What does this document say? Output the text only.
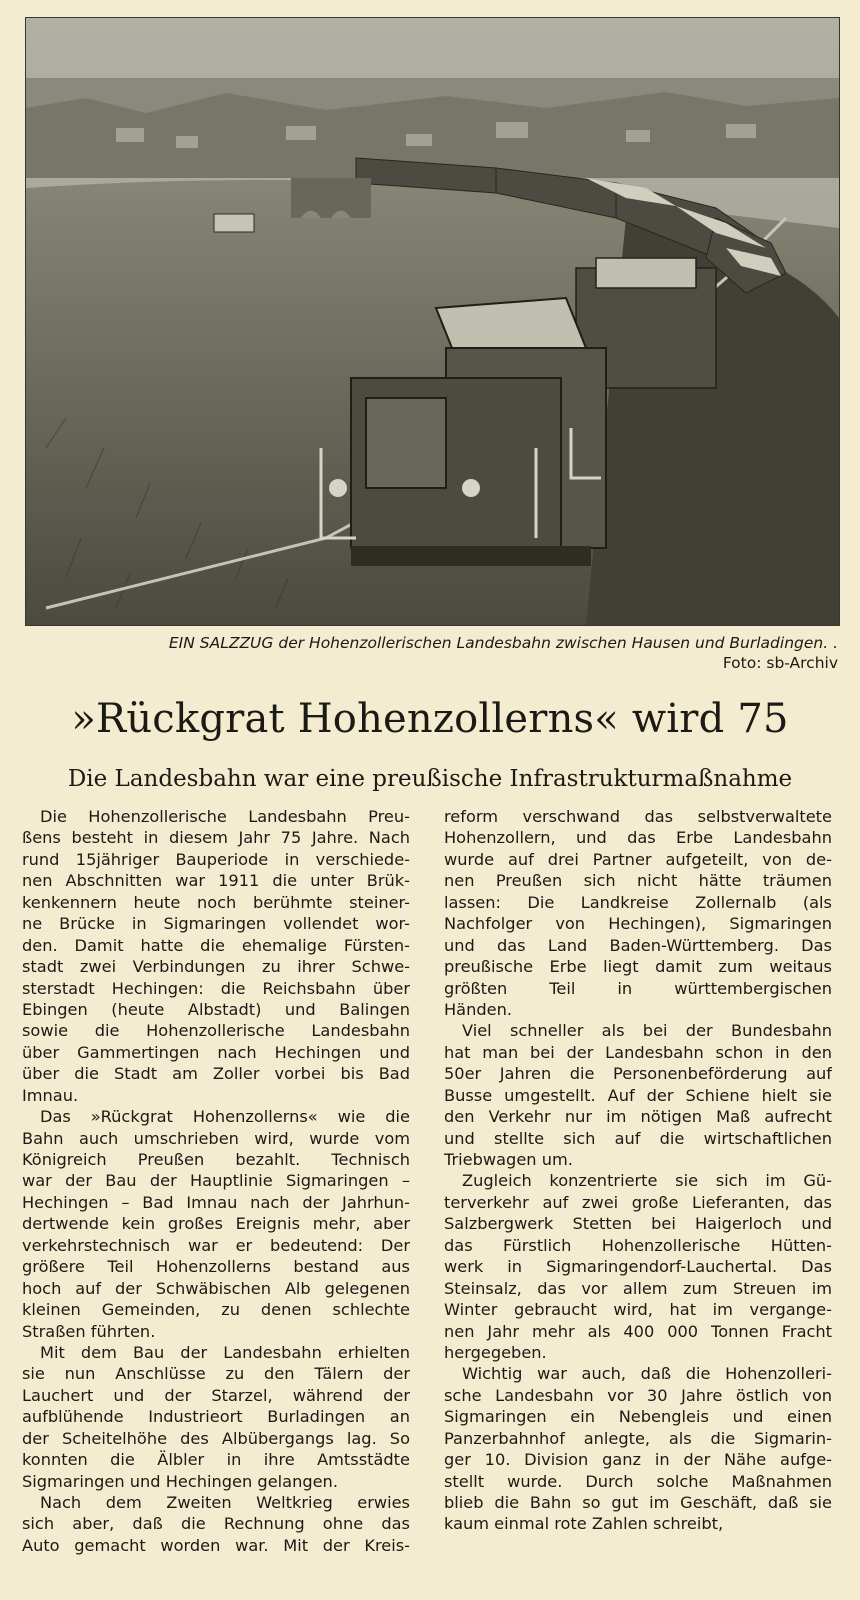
EIN SALZZUG der Hohenzollerischen Landesbahn zwischen Hausen und Burladingen. .
Foto: sb-Archiv
»Rückgrat Hohenzollerns« wird 75
Die Landesbahn war eine preußische Infrastrukturmaßnahme
Die Hohenzollerische Landesbahn Preu-
ßens besteht in diesem Jahr 75 Jahre. Nach
rund 15jähriger Bauperiode in verschiede-
nen Abschnitten war 1911 die unter Brük-
kenkennern heute noch berühmte steiner-
ne Brücke in Sigmaringen vollendet wor-
den. Damit hatte die ehemalige Fürsten-
stadt zwei Verbindungen zu ihrer Schwe-
sterstadt Hechingen: die Reichsbahn über
Ebingen (heute Albstadt) und Balingen
sowie die Hohenzollerische Landesbahn
über Gammertingen nach Hechingen und
über die Stadt am Zoller vorbei bis Bad
Imnau.
Das »Rückgrat Hohenzollerns« wie die
Bahn auch umschrieben wird, wurde vom
Königreich Preußen bezahlt. Technisch
war der Bau der Hauptlinie Sigmaringen –
Hechingen – Bad Imnau nach der Jahrhun-
dertwende kein großes Ereignis mehr, aber
verkehrstechnisch war er bedeutend: Der
größere Teil Hohenzollerns bestand aus
hoch auf der Schwäbischen Alb gelegenen
kleinen Gemeinden, zu denen schlechte
Straßen führten.
Mit dem Bau der Landesbahn erhielten
sie nun Anschlüsse zu den Tälern der
Lauchert und der Starzel, während der
aufblühende Industrieort Burladingen an
der Scheitelhöhe des Albübergangs lag. So
konnten die Älbler in ihre Amtsstädte
Sigmaringen und Hechingen gelangen.
Nach dem Zweiten Weltkrieg erwies
sich aber, daß die Rechnung ohne das
Auto gemacht worden war. Mit der Kreis-
reform verschwand das selbstverwaltete
Hohenzollern, und das Erbe Landesbahn
wurde auf drei Partner aufgeteilt, von de-
nen Preußen sich nicht hätte träumen
lassen: Die Landkreise Zollernalb (als
Nachfolger von Hechingen), Sigmaringen
und das Land Baden-Württemberg. Das
preußische Erbe liegt damit zum weitaus
größten Teil in württembergischen
Händen.
Viel schneller als bei der Bundesbahn
hat man bei der Landesbahn schon in den
50er Jahren die Personenbeförderung auf
Busse umgestellt. Auf der Schiene hielt sie
den Verkehr nur im nötigen Maß aufrecht
und stellte sich auf die wirtschaftlichen
Triebwagen um.
Zugleich konzentrierte sie sich im Gü-
terverkehr auf zwei große Lieferanten, das
Salzbergwerk Stetten bei Haigerloch und
das Fürstlich Hohenzollerische Hütten-
werk in Sigmaringendorf-Lauchertal. Das
Steinsalz, das vor allem zum Streuen im
Winter gebraucht wird, hat im vergange-
nen Jahr mehr als 400 000 Tonnen Fracht
hergegeben.
Wichtig war auch, daß die Hohenzolleri-
sche Landesbahn vor 30 Jahre östlich von
Sigmaringen ein Nebengleis und einen
Panzerbahnhof anlegte, als die Sigmarin-
ger 10. Division ganz in der Nähe aufge-
stellt wurde. Durch solche Maßnahmen
blieb die Bahn so gut im Geschäft, daß sie
kaum einmal rote Zahlen schreibt,
